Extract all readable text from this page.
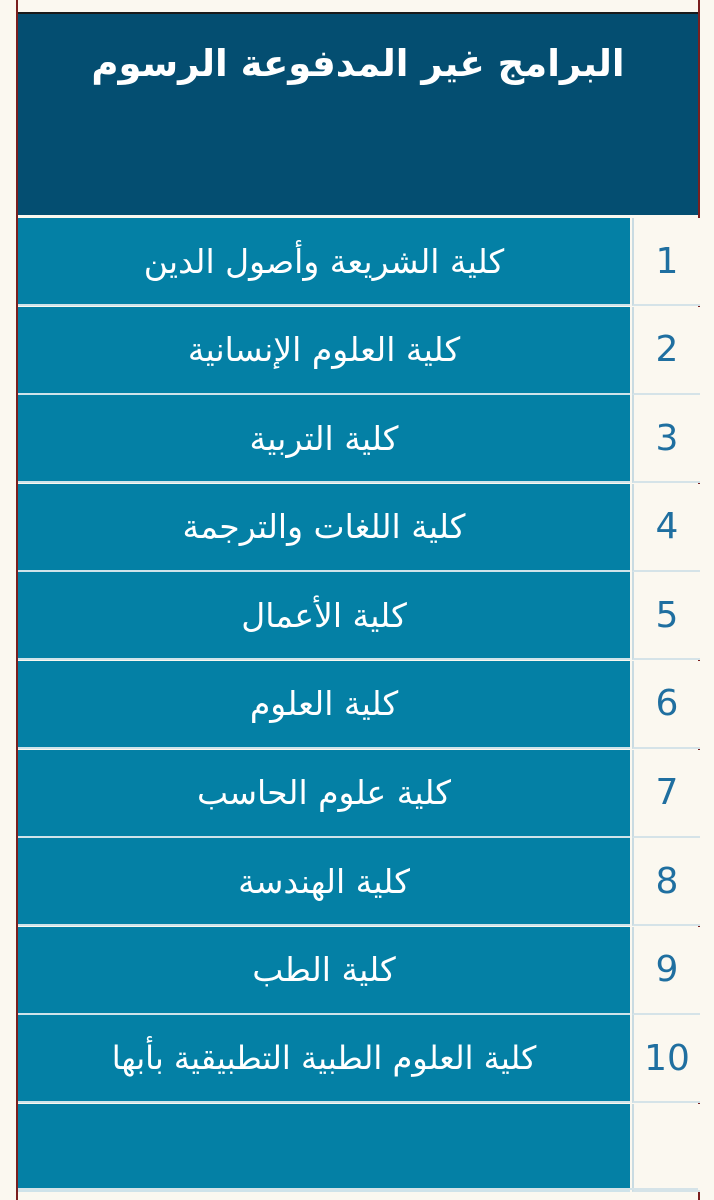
البرامج غير المدفوعة الرسوم
كلية الشريعة وأصول الدين	1
كلية العلوم الإنسانية	2
كلية التربية	3
كلية اللغات والترجمة	4
كلية الأعمال	5
كلية العلوم	6
كلية علوم الحاسب	7
كلية الهندسة	8
كلية الطب	9
كلية العلوم الطبية التطبيقية بأبها	10
